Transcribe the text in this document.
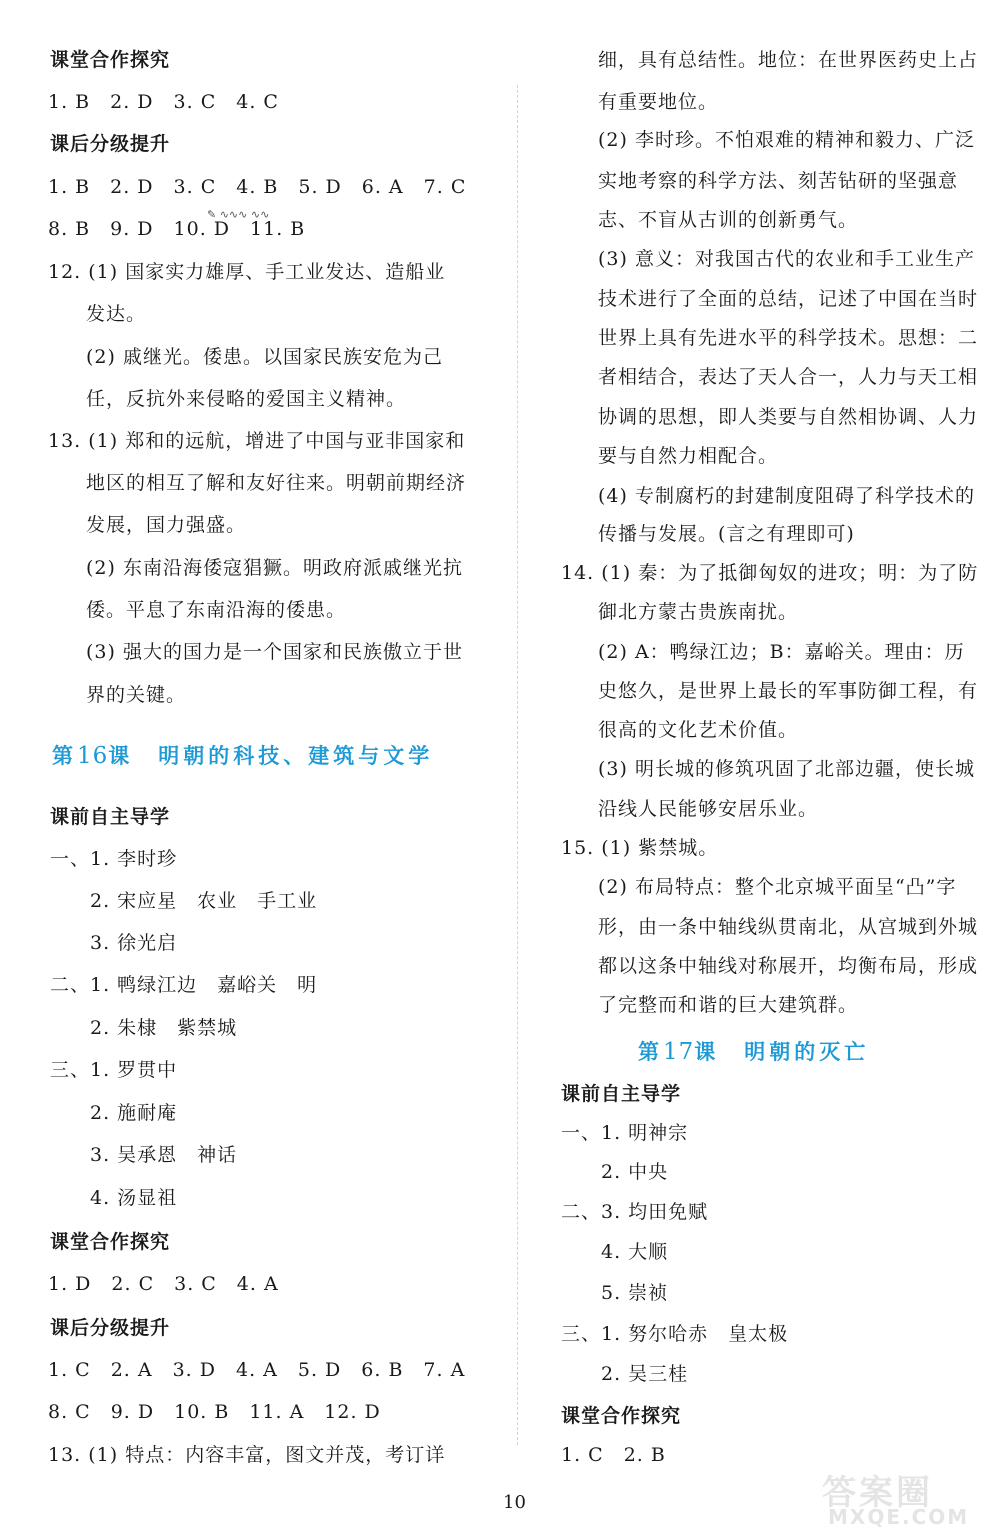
课堂合作探究
1. B　2. D　3. C　4. C
课后分级提升
1. B　2. D　3. C　4. B　5. D　6. A　7. C
8. B　9. D　10. D　11. B
12. (1) 国家实力雄厚、手工业发达、造船业
发达。
(2) 戚继光。倭患。以国家民族安危为己
任，反抗外来侵略的爱国主义精神。
13. (1) 郑和的远航，增进了中国与亚非国家和
地区的相互了解和友好往来。明朝前期经济
发展，国力强盛。
(2) 东南沿海倭寇猖獗。明政府派戚继光抗
倭。平息了东南沿海的倭患。
(3) 强大的国力是一个国家和民族傲立于世
界的关键。
第16课　明朝的科技、建筑与文学
课前自主导学
一、1. 李时珍
2. 宋应星　农业　手工业
3. 徐光启
二、1. 鸭绿江边　嘉峪关　明
2. 朱棣　紫禁城
三、1. 罗贯中
2. 施耐庵
3. 吴承恩　神话
4. 汤显祖
课堂合作探究
1. D　2. C　3. C　4. A
课后分级提升
1. C　2. A　3. D　4. A　5. D　6. B　7. A
8. C　9. D　10. B　11. A　12. D
13. (1) 特点：内容丰富，图文并茂，考订详
✎ ∿∿∿ ∿∿
细，具有总结性。地位：在世界医药史上占
有重要地位。
(2) 李时珍。不怕艰难的精神和毅力、广泛
实地考察的科学方法、刻苦钻研的坚强意
志、不盲从古训的创新勇气。
(3) 意义：对我国古代的农业和手工业生产
技术进行了全面的总结，记述了中国在当时
世界上具有先进水平的科学技术。思想：二
者相结合，表达了天人合一，人力与天工相
协调的思想，即人类要与自然相协调、人力
要与自然力相配合。
(4) 专制腐朽的封建制度阻碍了科学技术的
传播与发展。(言之有理即可)
14. (1) 秦：为了抵御匈奴的进攻；明：为了防
御北方蒙古贵族南扰。
(2) A：鸭绿江边；B：嘉峪关。理由：历
史悠久，是世界上最长的军事防御工程，有
很高的文化艺术价值。
(3) 明长城的修筑巩固了北部边疆，使长城
沿线人民能够安居乐业。
15. (1) 紫禁城。
(2) 布局特点：整个北京城平面呈“凸”字
形，由一条中轴线纵贯南北，从宫城到外城
都以这条中轴线对称展开，均衡布局，形成
了完整而和谐的巨大建筑群。
第17课　明朝的灭亡
课前自主导学
一、1. 明神宗
2. 中央
二、3. 均田免赋
4. 大顺
5. 崇祯
三、1. 努尔哈赤　皇太极
2. 吴三桂
课堂合作探究
1. C　2. B
10	答案圈
MXQE.COM
